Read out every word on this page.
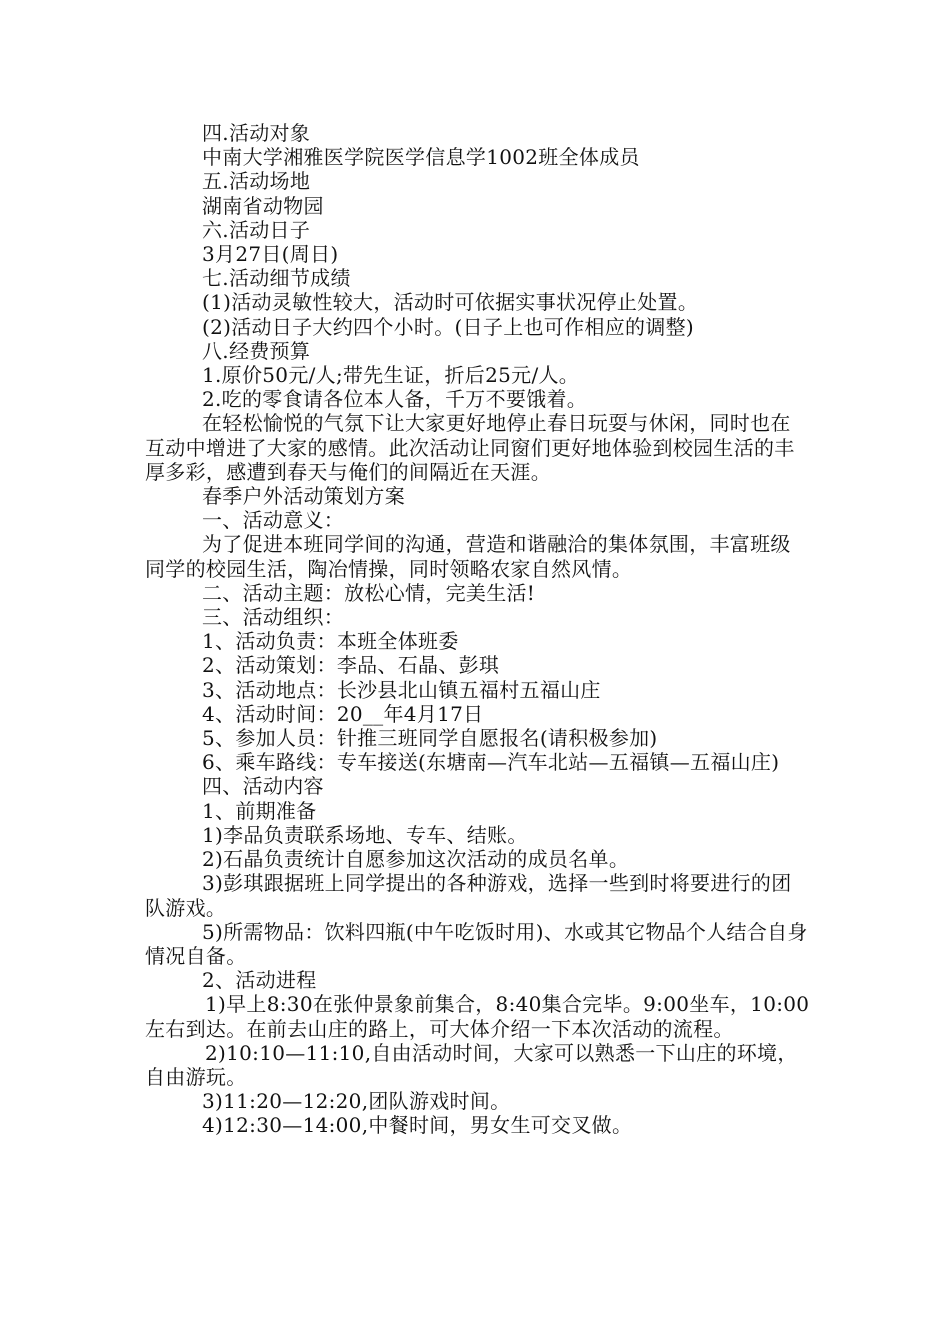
四.活动对象

中南大学湘雅医学院医学信息学1002班全体成员

五.活动场地

湖南省动物园

六.活动日子

3月27日(周日)

七.活动细节成绩

(1)活动灵敏性较大，活动时可依据实事状况停止处置。

(2)活动日子大约四个小时。(日子上也可作相应的调整)

八.经费预算

1.原价50元/人;带先生证，折后25元/人。

2.吃的零食请各位本人备，千万不要饿着。

在轻松愉悦的气氛下让大家更好地停止春日玩耍与休闲，同时也在互动中增进了大家的感情。此次活动让同窗们更好地体验到校园生活的丰厚多彩，感遭到春天与俺们的间隔近在天涯。

春季户外活动策划方案

一、活动意义：

为了促进本班同学间的沟通，营造和谐融洽的集体氛围，丰富班级同学的校园生活，陶冶情操，同时领略农家自然风情。

二、活动主题：放松心情，完美生活!

三、活动组织：

1、活动负责：本班全体班委

2、活动策划：李品、石晶、彭琪

3、活动地点：长沙县北山镇五福村五福山庄

4、活动时间：20__年4月17日

5、参加人员：针推三班同学自愿报名(请积极参加)

6、乘车路线：专车接送(东塘南—汽车北站—五福镇—五福山庄)

四、活动内容

1、前期准备

1)李品负责联系场地、专车、结账。

2)石晶负责统计自愿参加这次活动的成员名单。

3)彭琪跟据班上同学提出的各种游戏，选择一些到时将要进行的团队游戏。

5)所需物品：饮料四瓶(中午吃饭时用)、水或其它物品个人结合自身情况自备。

2、活动进程

1)早上8:30在张仲景象前集合，8:40集合完毕。9:00坐车，10:00左右到达。在前去山庄的路上，可大体介绍一下本次活动的流程。

2)10:10—11:10,自由活动时间，大家可以熟悉一下山庄的环境，自由游玩。

3)11:20—12:20,团队游戏时间。

4)12:30—14:00,中餐时间，男女生可交叉做。
